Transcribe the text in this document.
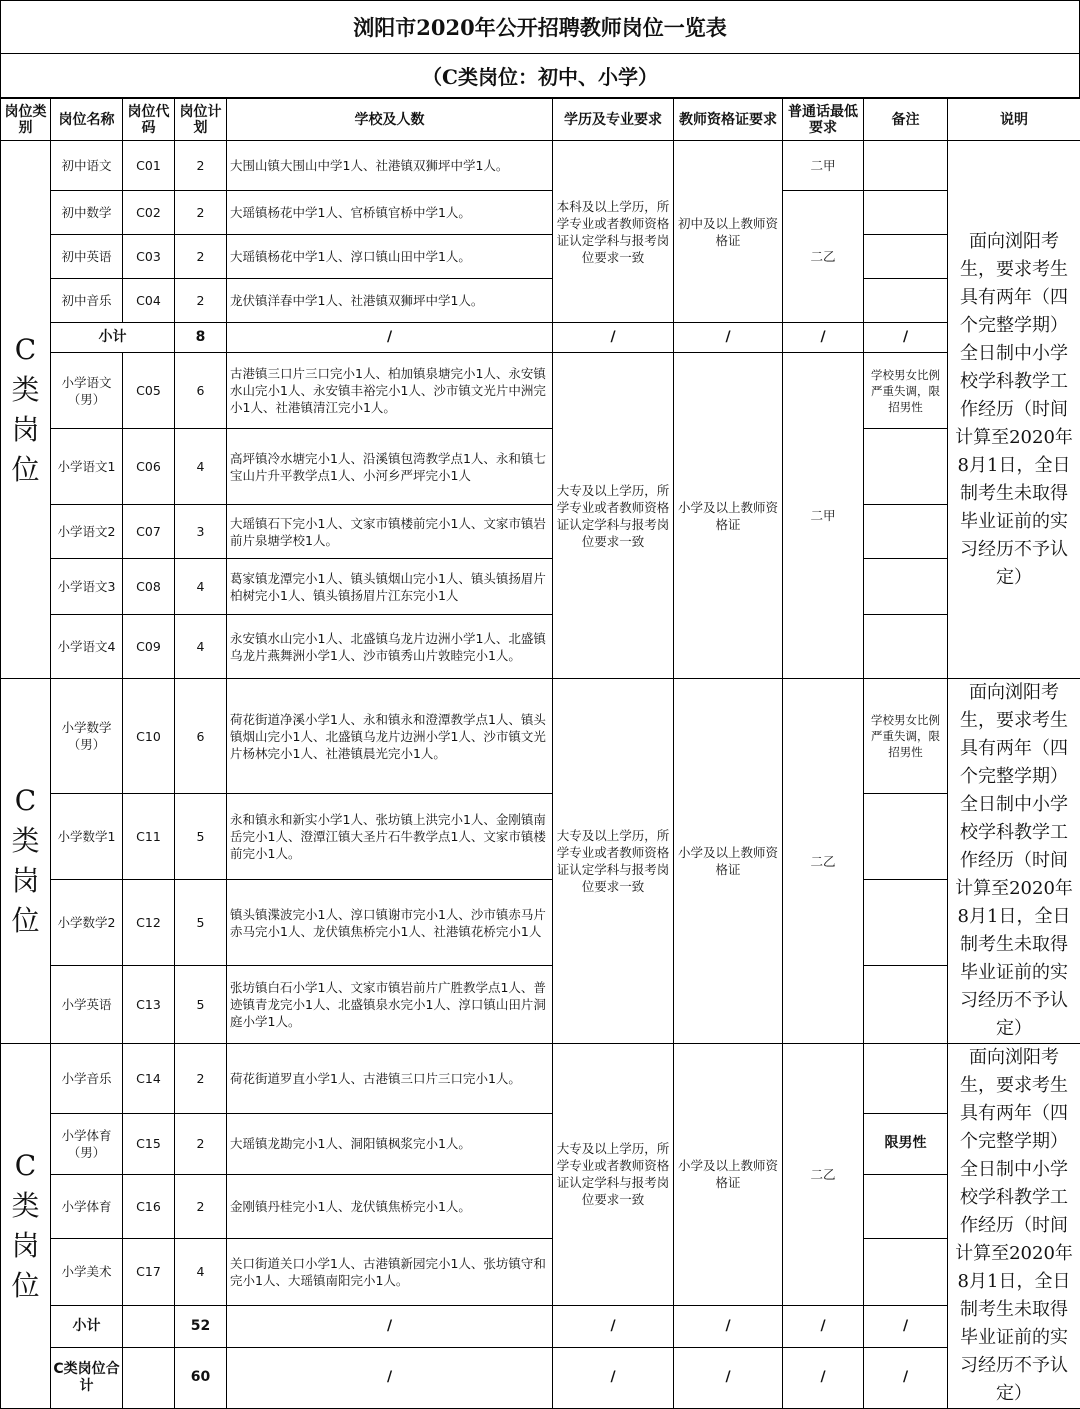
浏阳市2020年公开招聘教师岗位一览表
（C类岗位：初中、小学）
岗位类别	岗位名称	岗位代码	岗位计划	学校及人数	学历及专业要求	教师资格证要求	普通话最低要求	备注	说明
C类岗位	初中语文	C01	2	大围山镇大围山中学1人、社港镇双狮坪中学1人。	本科及以上学历，所学专业或者教师资格证认定学科与报考岗位要求一致	初中及以上教师资格证	二甲		面向浏阳考生，要求考生具有两年（四个完整学期）全日制中小学校学科教学工作经历（时间计算至2020年8月1日，全日制考生未取得毕业证前的实习经历不予认定）
	初中数学	C02	2	大瑶镇杨花中学1人、官桥镇官桥中学1人。			二乙		
	初中英语	C03	2	大瑶镇杨花中学1人、淳口镇山田中学1人。					
	初中音乐	C04	2	龙伏镇洋春中学1人、社港镇双狮坪中学1人。					
	小计		8	/	/	/	/	/	
	小学语文（男）	C05	6	古港镇三口片三口完小1人、柏加镇泉塘完小1人、永安镇水山完小1人、永安镇丰裕完小1人、沙市镇文光片中洲完小1人、社港镇清江完小1人。	大专及以上学历，所学专业或者教师资格证认定学科与报考岗位要求一致	小学及以上教师资格证	二甲	学校男女比例严重失调，限招男性	
	小学语文1	C06	4	高坪镇冷水塘完小1人、沿溪镇包湾教学点1人、永和镇七宝山片升平教学点1人、小河乡严坪完小1人					
	小学语文2	C07	3	大瑶镇石下完小1人、文家市镇楼前完小1人、文家市镇岩前片泉塘学校1人。					
	小学语文3	C08	4	葛家镇龙潭完小1人、镇头镇烟山完小1人、镇头镇扬眉片柏树完小1人、镇头镇扬眉片江东完小1人					
	小学语文4	C09	4	永安镇水山完小1人、北盛镇乌龙片边洲小学1人、北盛镇乌龙片燕舞洲小学1人、沙市镇秀山片敦睦完小1人。					
C类岗位	小学数学（男）	C10	6	荷花街道净溪小学1人、永和镇永和澄潭教学点1人、镇头镇烟山完小1人、北盛镇乌龙片边洲小学1人、沙市镇文光片杨林完小1人、社港镇晨光完小1人。	大专及以上学历，所学专业或者教师资格证认定学科与报考岗位要求一致	小学及以上教师资格证	二乙	学校男女比例严重失调，限招男性	面向浏阳考生，要求考生具有两年（四个完整学期）全日制中小学校学科教学工作经历（时间计算至2020年8月1日，全日制考生未取得毕业证前的实习经历不予认定）
	小学数学1	C11	5	永和镇永和新实小学1人、张坊镇上洪完小1人、金刚镇南岳完小1人、澄潭江镇大圣片石牛教学点1人、文家市镇楼前完小1人。					
	小学数学2	C12	5	镇头镇渫波完小1人、淳口镇谢市完小1人、沙市镇赤马片赤马完小1人、龙伏镇焦桥完小1人、社港镇花桥完小1人					
	小学英语	C13	5	张坊镇白石小学1人、文家市镇岩前片广胜教学点1人、普迹镇青龙完小1人、北盛镇泉水完小1人、淳口镇山田片洞庭小学1人。					
C类岗位	小学音乐	C14	2	荷花街道罗直小学1人、古港镇三口片三口完小1人。	大专及以上学历，所学专业或者教师资格证认定学科与报考岗位要求一致	小学及以上教师资格证	二乙		面向浏阳考生，要求考生具有两年（四个完整学期）全日制中小学校学科教学工作经历（时间计算至2020年8月1日，全日制考生未取得毕业证前的实习经历不予认定）
	小学体育（男）	C15	2	大瑶镇龙勘完小1人、洞阳镇枫浆完小1人。				限男性	
	小学体育	C16	2	金刚镇丹桂完小1人、龙伏镇焦桥完小1人。					
	小学美术	C17	4	关口街道关口小学1人、古港镇新园完小1人、张坊镇守和完小1人、大瑶镇南阳完小1人。					
	小计		52	/	/	/	/	/	
	C类岗位合计		60	/	/	/	/	/	
